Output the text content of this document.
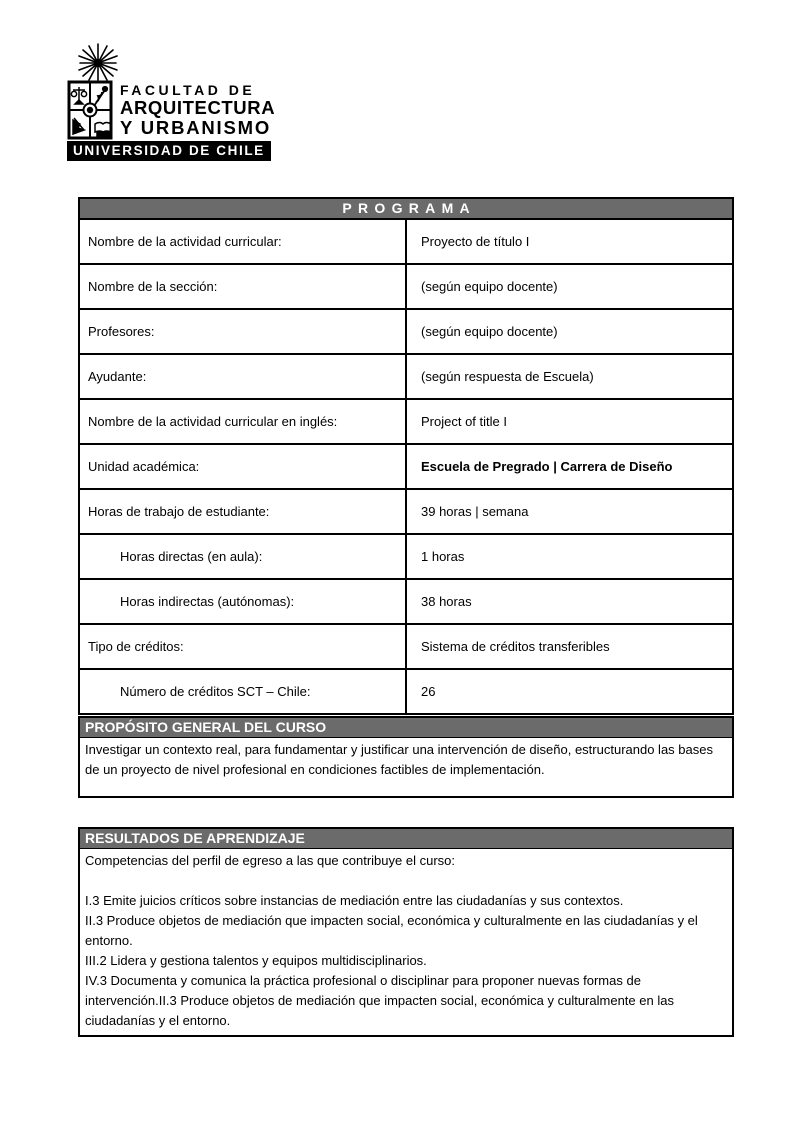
FACULTAD DE
ARQUITECTURA
Y URBANISMO
UNIVERSIDAD DE CHILE
PROGRAMA	
Nombre de la actividad curricular:	Proyecto de título I
Nombre de la sección:	(según equipo docente)
Profesores:	(según equipo docente)
Ayudante:	(según respuesta de Escuela)
Nombre de la actividad curricular en inglés:	Project of title I
Unidad académica:	Escuela de Pregrado | Carrera de Diseño
Horas de trabajo de estudiante:	39 horas | semana
Horas directas (en aula):	1 horas
Horas indirectas (autónomas):	38 horas
Tipo de créditos:	Sistema de créditos transferibles
Número de créditos SCT – Chile:	26
PROPÓSITO GENERAL DEL CURSO
Investigar un contexto real, para fundamentar y justificar una intervención de diseño, estructurando las bases de un proyecto de nivel profesional en condiciones factibles de implementación.
RESULTADOS DE APRENDIZAJE
Competencias del perfil de egreso a las que contribuye el curso:
I.3 Emite juicios críticos sobre instancias de mediación entre las ciudadanías y sus contextos.
II.3 Produce objetos de mediación que impacten social, económica y culturalmente en las ciudadanías y el entorno.
III.2 Lidera y gestiona talentos y equipos multidisciplinarios.
IV.3 Documenta y comunica la práctica profesional o disciplinar para proponer nuevas formas de intervención.II.3 Produce objetos de mediación que impacten social, económica y culturalmente en las ciudadanías y el entorno.
